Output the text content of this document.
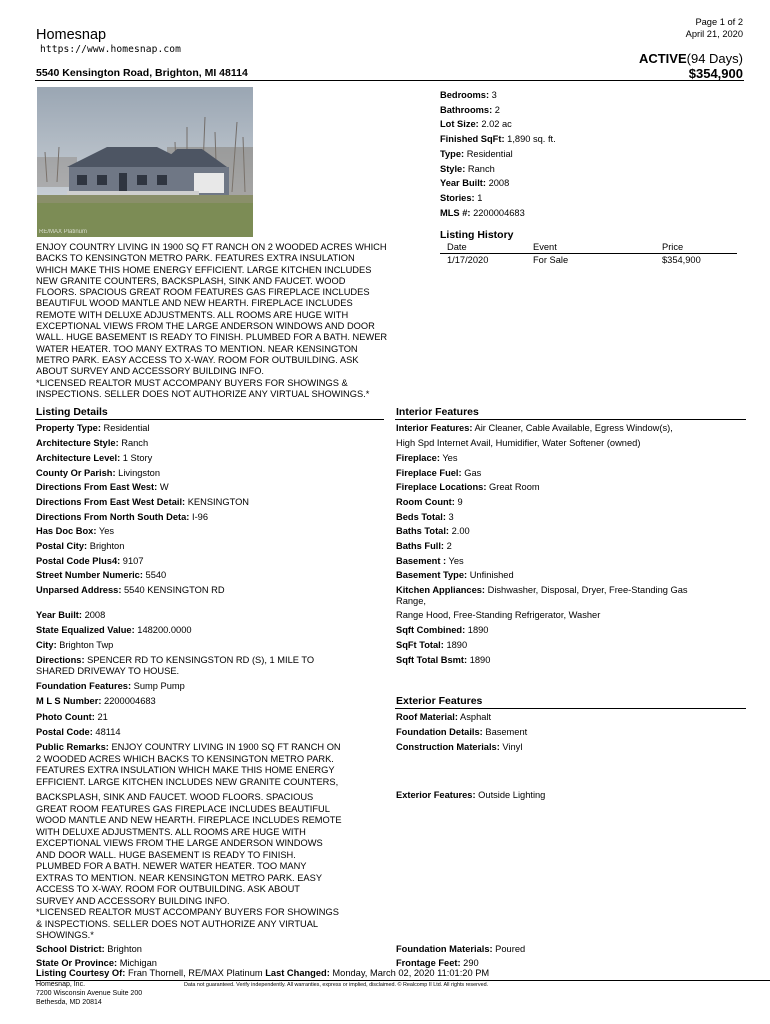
Page 1 of 2
April 21, 2020
Homesnap
https://www.homesnap.com
ACTIVE(94 Days)
5540 Kensington Road, Brighton, MI 48114	$354,900
RE/MAX Platinum
Bedrooms: 3
Bathrooms: 2
Lot Size: 2.02 ac
Finished SqFt: 1,890 sq. ft.
Type: Residential
Style: Ranch
Year Built: 2008
Stories: 1
MLS #: 2200004683
Listing History
Date	Event	Price
1/17/2020	For Sale	$354,900
ENJOY COUNTRY LIVING IN 1900 SQ FT RANCH ON 2 WOODED ACRES WHICH
BACKS TO KENSINGTON METRO PARK. FEATURES EXTRA INSULATION
WHICH MAKE THIS HOME ENERGY EFFICIENT. LARGE KITCHEN INCLUDES
NEW GRANITE COUNTERS, BACKSPLASH, SINK AND FAUCET. WOOD
FLOORS. SPACIOUS GREAT ROOM FEATURES GAS FIREPLACE INCLUDES
BEAUTIFUL WOOD MANTLE AND NEW HEARTH. FIREPLACE INCLUDES
REMOTE WITH DELUXE ADJUSTMENTS. ALL ROOMS ARE HUGE WITH
EXCEPTIONAL VIEWS FROM THE LARGE ANDERSON WINDOWS AND DOOR
WALL. HUGE BASEMENT IS READY TO FINISH. PLUMBED FOR A BATH. NEWER
WATER HEATER. TOO MANY EXTRAS TO MENTION. NEAR KENSINGTON
METRO PARK. EASY ACCESS TO X-WAY. ROOM FOR OUTBUILDING. ASK
ABOUT SURVEY AND ACCESSORY BUILDING INFO.
*LICENSED REALTOR MUST ACCOMPANY BUYERS FOR SHOWINGS &
INSPECTIONS. SELLER DOES NOT AUTHORIZE ANY VIRTUAL SHOWINGS.*
Listing Details	Interior Features
Exterior Features
Property Type: Residential
Architecture Style: Ranch
Architecture Level: 1 Story
County Or Parish: Livingston
Directions From East West: W
Directions From East West Detail: KENSINGTON
Directions From North South Deta: I-96
Has Doc Box: Yes
Postal City: Brighton
Postal Code Plus4: 9107
Street Number Numeric: 5540
Unparsed Address: 5540 KENSINGTON RD
Year Built: 2008
State Equalized Value: 148200.0000
City: Brighton Twp
Directions: SPENCER RD TO KENSINGSTON RD (S), 1 MILE TO
SHARED DRIVEWAY TO HOUSE.
Foundation Features: Sump Pump
M L S Number: 2200004683
Photo Count: 21
Postal Code: 48114
Public Remarks: ENJOY COUNTRY LIVING IN 1900 SQ FT RANCH ON
2 WOODED ACRES WHICH BACKS TO KENSINGTON METRO PARK.
FEATURES EXTRA INSULATION WHICH MAKE THIS HOME ENERGY
EFFICIENT. LARGE KITCHEN INCLUDES NEW GRANITE COUNTERS,
BACKSPLASH, SINK AND FAUCET. WOOD FLOORS. SPACIOUS
GREAT ROOM FEATURES GAS FIREPLACE INCLUDES BEAUTIFUL
WOOD MANTLE AND NEW HEARTH. FIREPLACE INCLUDES REMOTE
WITH DELUXE ADJUSTMENTS. ALL ROOMS ARE HUGE WITH
EXCEPTIONAL VIEWS FROM THE LARGE ANDERSON WINDOWS
AND DOOR WALL. HUGE BASEMENT IS READY TO FINISH.
PLUMBED FOR A BATH. NEWER WATER HEATER. TOO MANY
EXTRAS TO MENTION. NEAR KENSINGTON METRO PARK. EASY
ACCESS TO X-WAY. ROOM FOR OUTBUILDING. ASK ABOUT
SURVEY AND ACCESSORY BUILDING INFO.
*LICENSED REALTOR MUST ACCOMPANY BUYERS FOR SHOWINGS
& INSPECTIONS. SELLER DOES NOT AUTHORIZE ANY VIRTUAL
SHOWINGS.*
School District: Brighton
State Or Province: Michigan
Interior Features: Air Cleaner, Cable Available, Egress Window(s),
High Spd Internet Avail, Humidifier, Water Softener (owned)
Fireplace: Yes
Fireplace Fuel: Gas
Fireplace Locations: Great Room
Room Count: 9
Beds Total: 3
Baths Total: 2.00
Baths Full: 2
Basement : Yes
Basement Type: Unfinished
Kitchen Appliances: Dishwasher, Disposal, Dryer, Free-Standing Gas
Range,
Range Hood, Free-Standing Refrigerator, Washer
Sqft Combined: 1890
SqFt Total: 1890
Sqft Total Bsmt: 1890
Roof Material: Asphalt
Foundation Details: Basement
Construction Materials: Vinyl
Exterior Features: Outside Lighting
Foundation Materials: Poured
Frontage Feet: 290
Listing Courtesy Of: Fran Thornell, RE/MAX Platinum Last Changed: Monday, March 02, 2020 11:01:20 PM
Homesnap, Inc.
7200 Wisconsin Avenue Suite 200
Bethesda, MD 20814
Data not guaranteed. Verify independently. All warranties, express or implied, disclaimed. © Realcomp II Ltd. All rights reserved.
